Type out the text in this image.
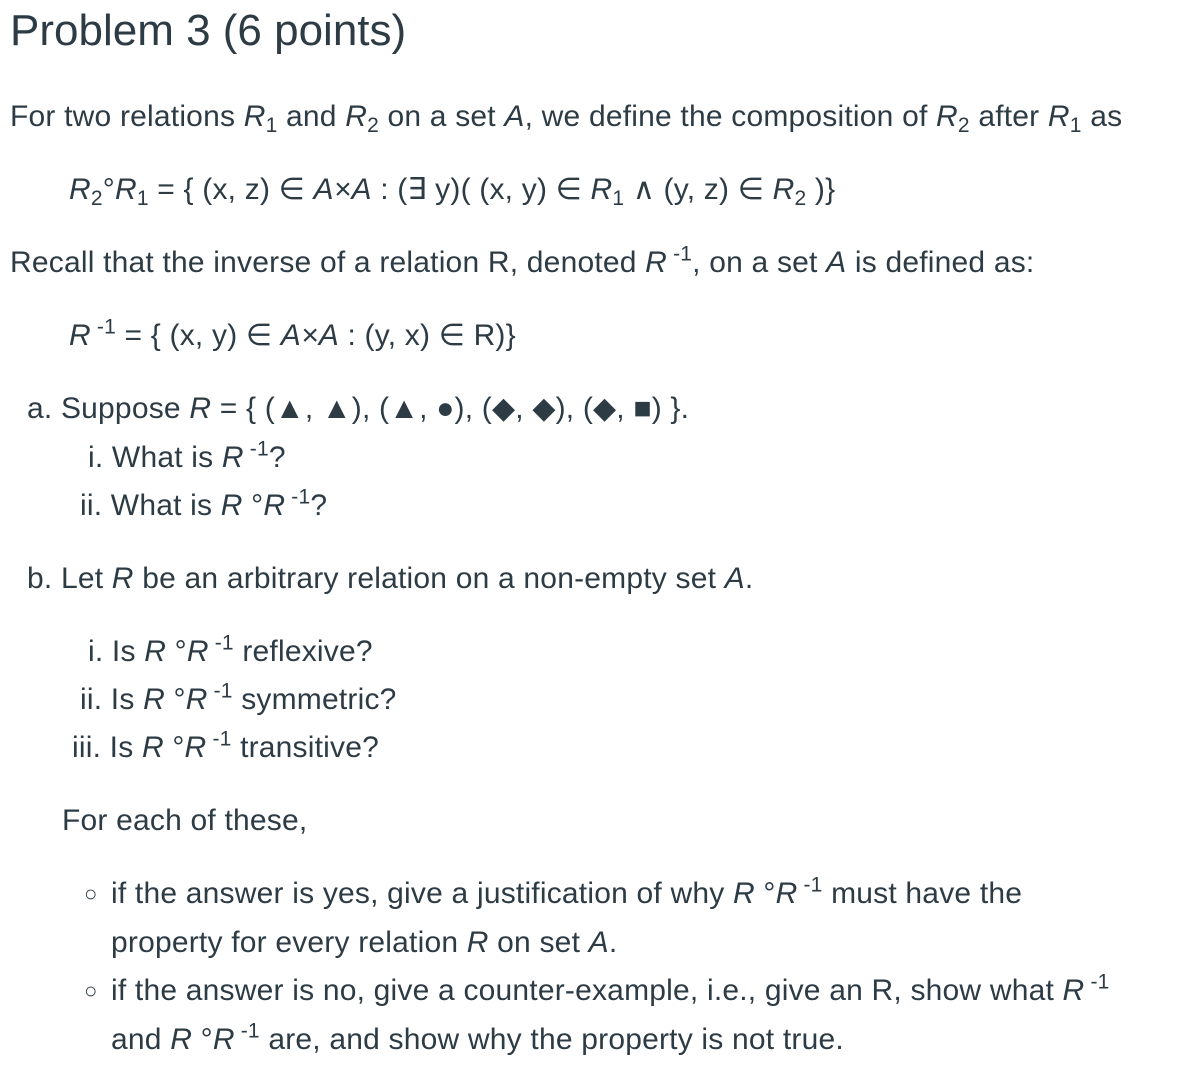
Problem 3 (6 points)
For two relations $R_1$ and $R_2$ on a set A, we define the composition of $R_2$ after $R_1$ as
$R_2^\circ R_1$ = { (x, z) ∈ A×A : (∃ y)( (x, y) ∈ $R_1$ ∧ (y, z) ∈ $R_2$ )}
Recall that the inverse of a relation R, denoted R $^{-1}$, on a set A is defined as:
R $^{-1}$ = { (x, y) ∈ A×A : (y, x) ∈ R)}
a. Suppose R = { (▲, ▲), (▲, ●), (◆, ◆), (◆, ■) }.
i. What is R $^{-1}$?
ii. What is R °R $^{-1}$?
b. Let R be an arbitrary relation on a non-empty set A.
i. Is R °R $^{-1}$ reflexive?
ii. Is R °R $^{-1}$ symmetric?
iii. Is R °R $^{-1}$ transitive?
For each of these,
○ if the answer is yes, give a justification of why R °R $^{-1}$ must have the
property for every relation R on set A.
○ if the answer is no, give a counter-example, i.e., give an R, show what R $^{-1}$
and R °R $^{-1}$ are, and show why the property is not true.
